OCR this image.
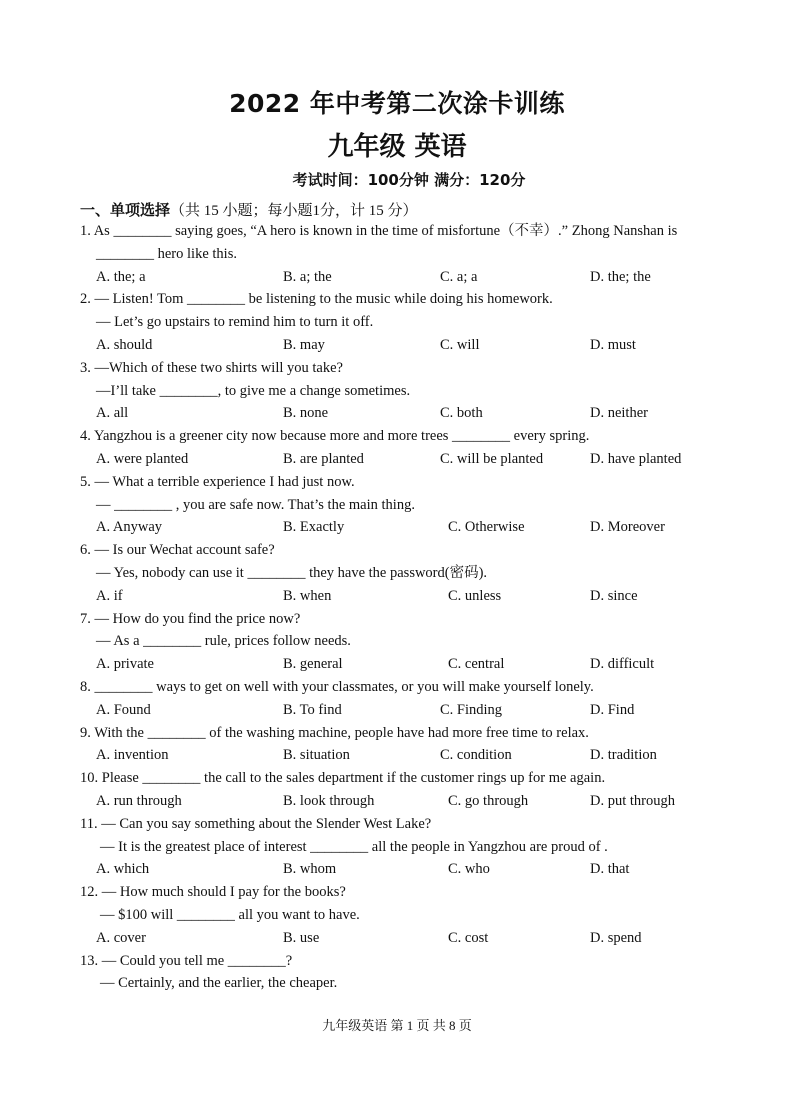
2022 年中考第二次涂卡训练
九年级 英语
考试时间：100分钟 满分：120分
一、单项选择（共 15 小题；每小题1分，计 15 分）
1. As ________ saying goes, “A hero is known in the time of misfortune（不幸）.” Zhong Nanshan is
________ hero like this.
A. the; a	B. a; the	C. a; a	D. the; the
2. — Listen! Tom ________ be listening to the music while doing his homework.
— Let’s go upstairs to remind him to turn it off.
A. should	B. may	C. will	D. must
3. —Which of these two shirts will you take?
—I’ll take ________, to give me a change sometimes.
A. all	B. none	C. both	D. neither
4. Yangzhou is a greener city now because more and more trees ________ every spring.
A. were planted	B. are planted	C. will be planted	D. have planted
5. — What a terrible experience I had just now.
— ________ , you are safe now. That’s the main thing.
A. Anyway	B. Exactly	C. Otherwise	D. Moreover
6. — Is our Wechat account safe?
— Yes, nobody can use it ________ they have the password(密码).
A. if	B. when	C. unless	D. since
7. — How do you find the price now?
— As a ________ rule, prices follow needs.
A. private	B. general	C. central	D. difficult
8. ________ ways to get on well with your classmates, or you will make yourself lonely.
A. Found	B. To find	C. Finding	D. Find
9. With the ________ of the washing machine, people have had more free time to relax.
A. invention	B. situation	C. condition	D. tradition
10. Please ________ the call to the sales department if the customer rings up for me again.
A. run through	B. look through	C. go through	D. put through
11. — Can you say something about the Slender West Lake?
— It is the greatest place of interest ________ all the people in Yangzhou are proud of .
A. which	B. whom	C. who	D. that
12. — How much should I pay for the books?
— $100 will ________ all you want to have.
A. cover	B. use	C. cost	D. spend
13. — Could you tell me ________?
— Certainly, and the earlier, the cheaper.
九年级英语 第 1 页 共 8 页
